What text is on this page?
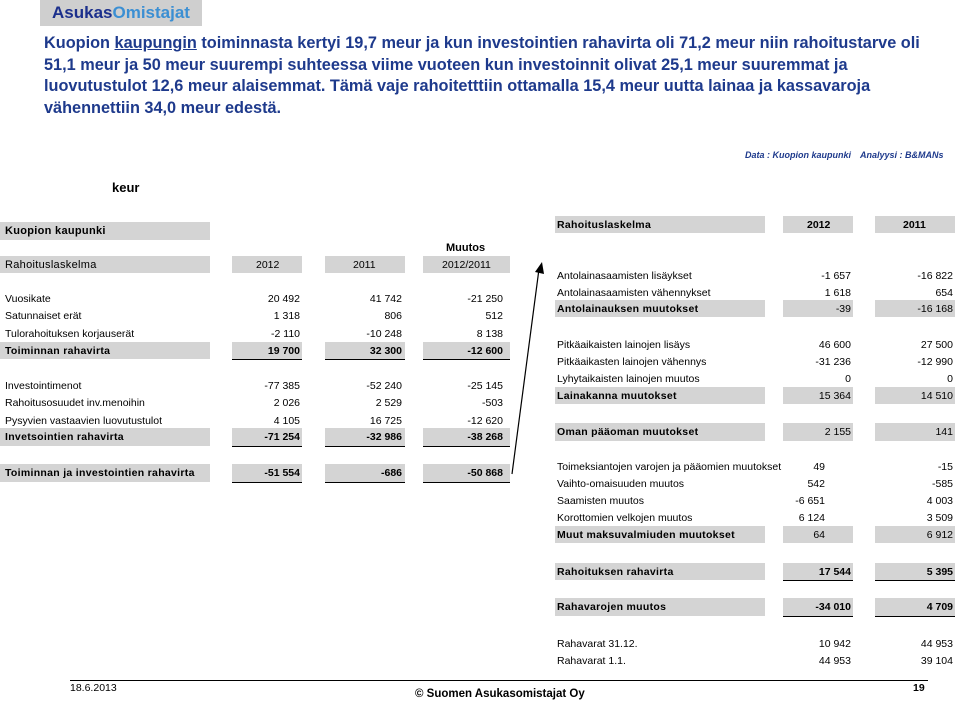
AsukasOmistajat

Kuopion kaupungin toiminnasta kertyi 19,7 meur ja kun investointien rahavirta oli 71,2 meur niin rahoitustarve oli 51,1 meur ja 50 meur suurempi suhteessa viime vuoteen kun investoinnit olivat 25,1 meur suuremmat ja luovutustulot 12,6 meur alaisemmat. Tämä vaje rahoitetttiin ottamalla 15,4 meur uutta lainaa ja kassavaroja vähennettiin 34,0 meur edestä.

Data : Kuopion kaupunki Analyysi : B&MANs
keur
Kuopion kaupunki
Muutos
Rahoituslaskelma	2012	2011	2012/2011
Vuosikate	20 492	41 742	-21 250
Satunnaiset erät	1 318	806	512
Tulorahoituksen korjauserät	-2 110	-10 248	8 138
Toiminnan rahavirta	19 700	32 300	-12 600
Investointimenot	-77 385	-52 240	-25 145
Rahoitusosuudet inv.menoihin	2 026	2 529	-503
Pysyvien vastaavien luovutustulot	4 105	16 725	-12 620
Invetsointien rahavirta	-71 254	-32 986	-38 268
Toiminnan ja investointien rahavirta	-51 554	-686	-50 868
Rahoituslaskelma	2012	2011
Antolainasaamisten lisäykset	-1 657	-16 822
Antolainasaamisten vähennykset	1 618	654
Antolainauksen muutokset	-39	-16 168
Pitkäaikaisten lainojen lisäys	46 600	27 500
Pitkäaikasten lainojen vähennys	-31 236	-12 990
Lyhytaikaisten lainojen muutos	0	0
Lainakanna muutokset	15 364	14 510
Oman pääoman muutokset	2 155	141
Toimeksiantojen varojen ja pääomien muutokset	49	-15
Vaihto-omaisuuden muutos	542	-585
Saamisten muutos	-6 651	4 003
Korottomien velkojen muutos	6 124	3 509
Muut maksuvalmiuden muutokset	64	6 912
Rahoituksen rahavirta	17 544	5 395
Rahavarojen muutos	-34 010	4 709
Rahavarat 31.12.	10 942	44 953
Rahavarat 1.1.	44 953	39 104
18.6.2013	© Suomen Asukasomistajat Oy	19
